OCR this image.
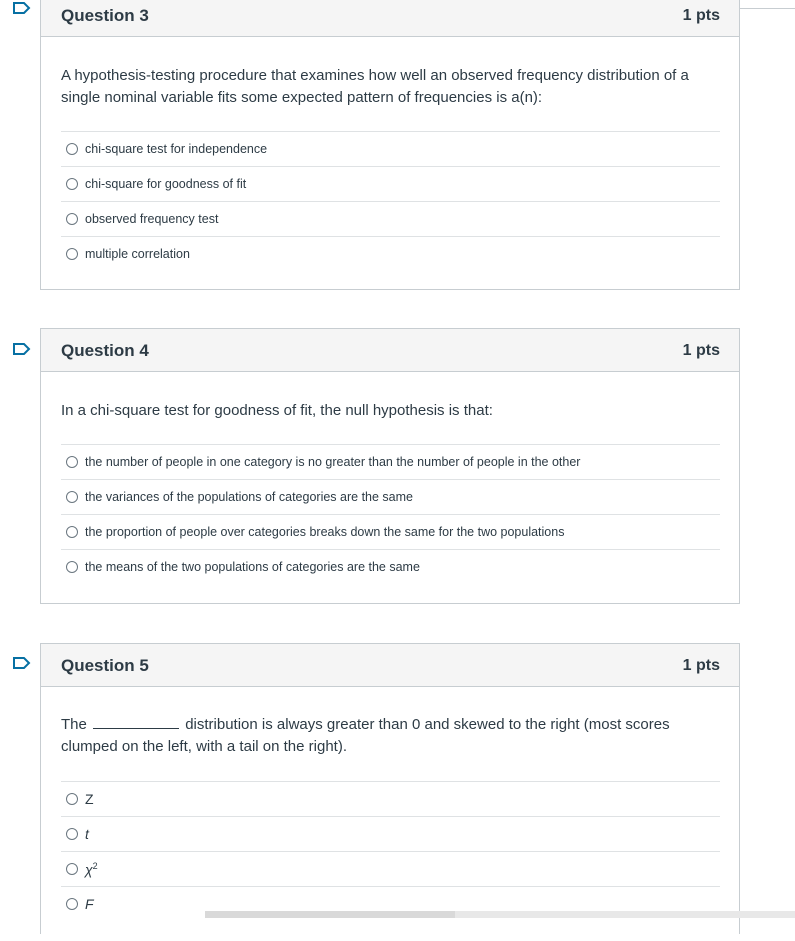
Question 3	1 pts

A hypothesis-testing procedure that examines how well an observed frequency distribution of a single nominal variable fits some expected pattern of frequencies is a(n):

chi-square test for independence
chi-square for goodness of fit
observed frequency test
multiple correlation
Question 4	1 pts

In a chi-square test for goodness of fit, the null hypothesis is that:

the number of people in one category is no greater than the number of people in the other
the variances of the populations of categories are the same
the proportion of people over categories breaks down the same for the two populations
the means of the two populations of categories are the same
Question 5	1 pts

The	distribution is always greater than 0 and skewed to the right (most scores clumped on the left, with a tail on the right).

Z
t
$\chi^2$
F
